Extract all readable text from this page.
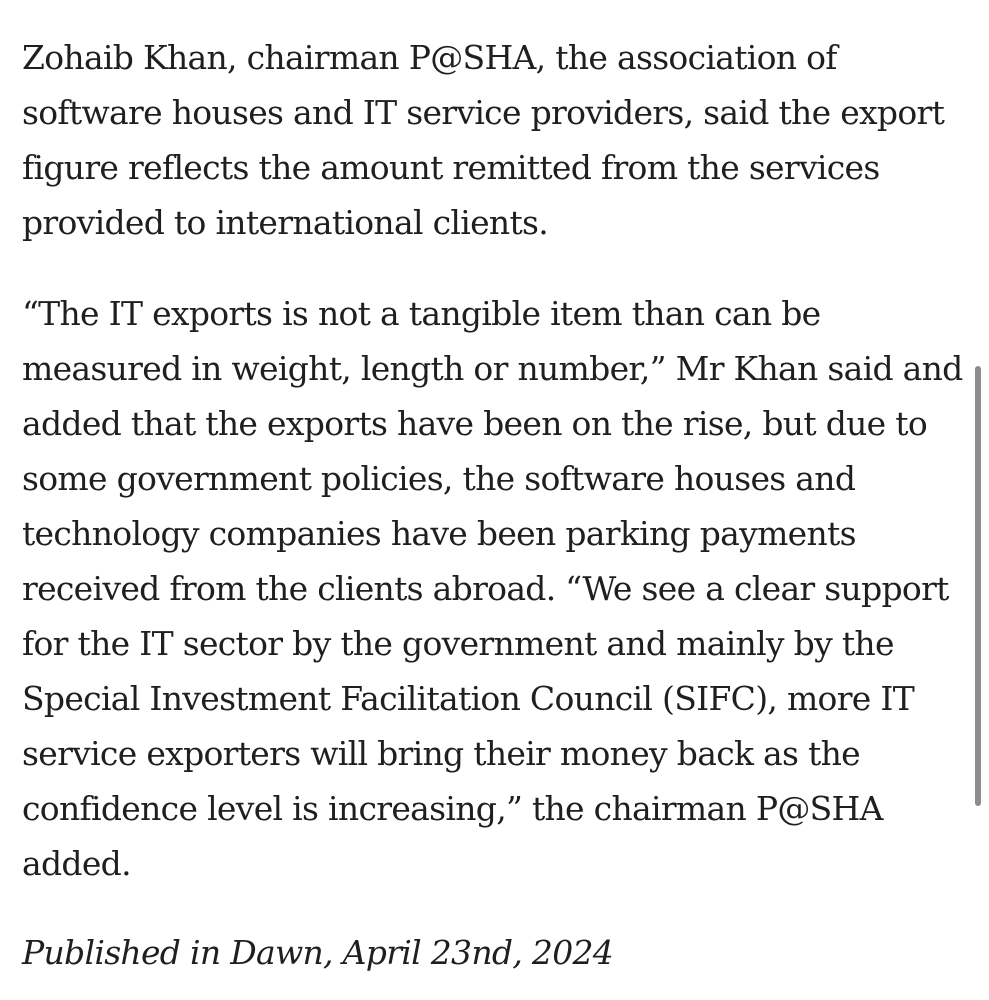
Zohaib Khan, chairman P@SHA, the association of software houses and IT service providers, said the export figure reflects the amount remitted from the services provided to international clients.

“The IT exports is not a tangible item than can be measured in weight, length or number,” Mr Khan said and added that the exports have been on the rise, but due to some government policies, the software houses and technology companies have been parking payments received from the clients abroad. “We see a clear support for the IT sector by the government and mainly by the Special Investment Facilitation Council (SIFC), more IT service exporters will bring their money back as the confidence level is increasing,” the chairman P@SHA added.

Published in Dawn, April 23nd, 2024
